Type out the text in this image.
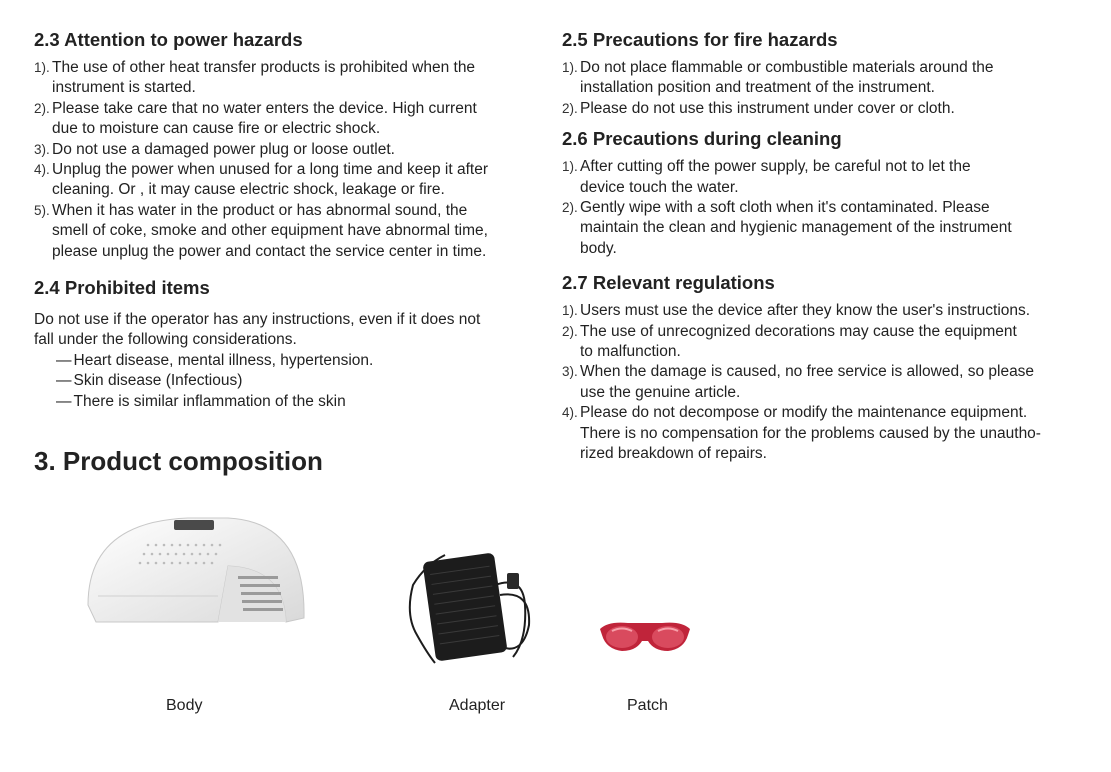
2.3 Attention to power hazards
1). The use of other heat transfer products is prohibited when the
instrument is started.
2). Please take care that no water enters the device. High current
due to moisture can cause fire or electric shock.
3). Do not use a damaged power plug or loose outlet.
4). Unplug the power when unused for a long time and keep it after
cleaning. Or , it may cause electric shock, leakage or fire.
5). When it has water in the product or has abnormal sound, the
smell of coke, smoke and other equipment have abnormal time,
please unplug the power and contact the service center in time.
2.4 Prohibited items

Do not use if the operator has any instructions, even if it does not
fall under the following considerations.

— Heart disease, mental illness, hypertension.
— Skin disease (Infectious)
— There is similar inflammation of the skin
2.5 Precautions for fire hazards
1). Do not place flammable or combustible materials around the
installation position and treatment of the instrument.
2). Please do not use this instrument under cover or cloth.
2.6 Precautions during cleaning
1). After cutting off the power supply, be careful not to let the
device touch the water.
2). Gently wipe with a soft cloth when it's contaminated. Please
maintain the clean and hygienic management of the instrument
body.
2.7 Relevant regulations
1). Users must use the device after they know the user's instructions.
2). The use of unrecognized decorations may cause the equipment
to malfunction.
3). When the damage is caused, no free service is allowed, so please
use the genuine article.
4). Please do not decompose or modify the maintenance equipment.
There is no compensation for the problems caused by the unautho-
rized breakdown of repairs.
3. Product composition
Body	Adapter	Patch
